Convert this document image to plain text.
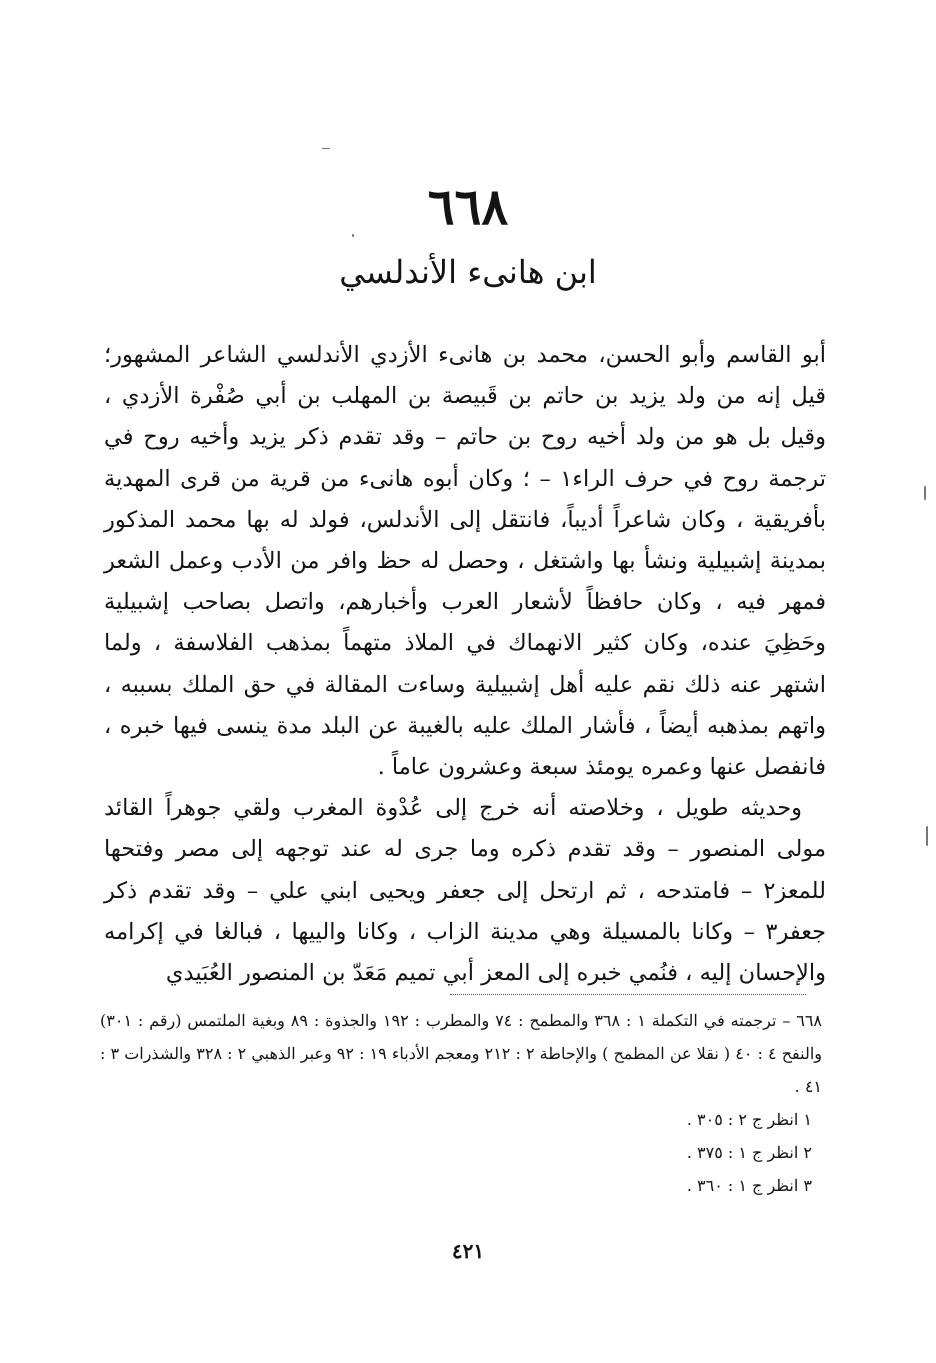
٦٦٨
ابن هانىء الأندلسي

أبو القاسم وأبو الحسن، محمد بن هانىء الأزدي الأندلسي الشاعر المشهور؛ قيل إنه من ولد يزيد بن حاتم بن قَبيصة بن المهلب بن أبي صُفْرة الأزدي ، وقيل بل هو من ولد أخيه روح بن حاتم – وقد تقدم ذكر يزيد وأخيه روح في ترجمة روح في حرف الراء١ – ؛ وكان أبوه هانىء من قرية من قرى المهدية بأفريقية ، وكان شاعراً أديباً، فانتقل إلى الأندلس، فولد له بها محمد المذكور بمدينة إشبيلية ونشأ بها واشتغل ، وحصل له حظ وافر من الأدب وعمل الشعر فمهر فيه ، وكان حافظاً لأشعار العرب وأخبارهم، واتصل بصاحب إشبيلية وحَظِيَ عنده، وكان كثير الانهماك في الملاذ متهماً بمذهب الفلاسفة ، ولما اشتهر عنه ذلك نقم عليه أهل إشبيلية وساءت المقالة في حق الملك بسببه ، واتهم بمذهبه أيضاً ، فأشار الملك عليه بالغيبة عن البلد مدة ينسى فيها خبره ، فانفصل عنها وعمره يومئذ سبعة وعشرون عاماً .

وحديثه طويل ، وخلاصته أنه خرج إلى عُدْوة المغرب ولقي جوهراً القائد مولى المنصور – وقد تقدم ذكره وما جرى له عند توجهه إلى مصر وفتحها للمعز٢ – فامتدحه ، ثم ارتحل إلى جعفر ويحيى ابني علي – وقد تقدم ذكر جعفر٣ – وكانا بالمسيلة وهي مدينة الزاب ، وكانا والييها ، فبالغا في إكرامه والإحسان إليه ، فنُمي خبره إلى المعز أبي تميم مَعَدّ بن المنصور العُبَيدي

٦٦٨ – ترجمته في التكملة ١ : ٣٦٨ والمطمح : ٧٤ والمطرب : ١٩٢ والجذوة : ٨٩ وبغية الملتمس (رقم : ٣٠١) والنفح ٤ : ٤٠ ( نقلا عن المطمح ) والإحاطة ٢ : ٢١٢ ومعجم الأدباء ١٩ : ٩٢ وعبر الذهبي ٢ : ٣٢٨ والشذرات ٣ : ٤١ .

١ انظر ج ٢ : ٣٠٥ .

٢ انظر ج ١ : ٣٧٥ .

٣ انظر ج ١ : ٣٦٠ .

٤٢١
